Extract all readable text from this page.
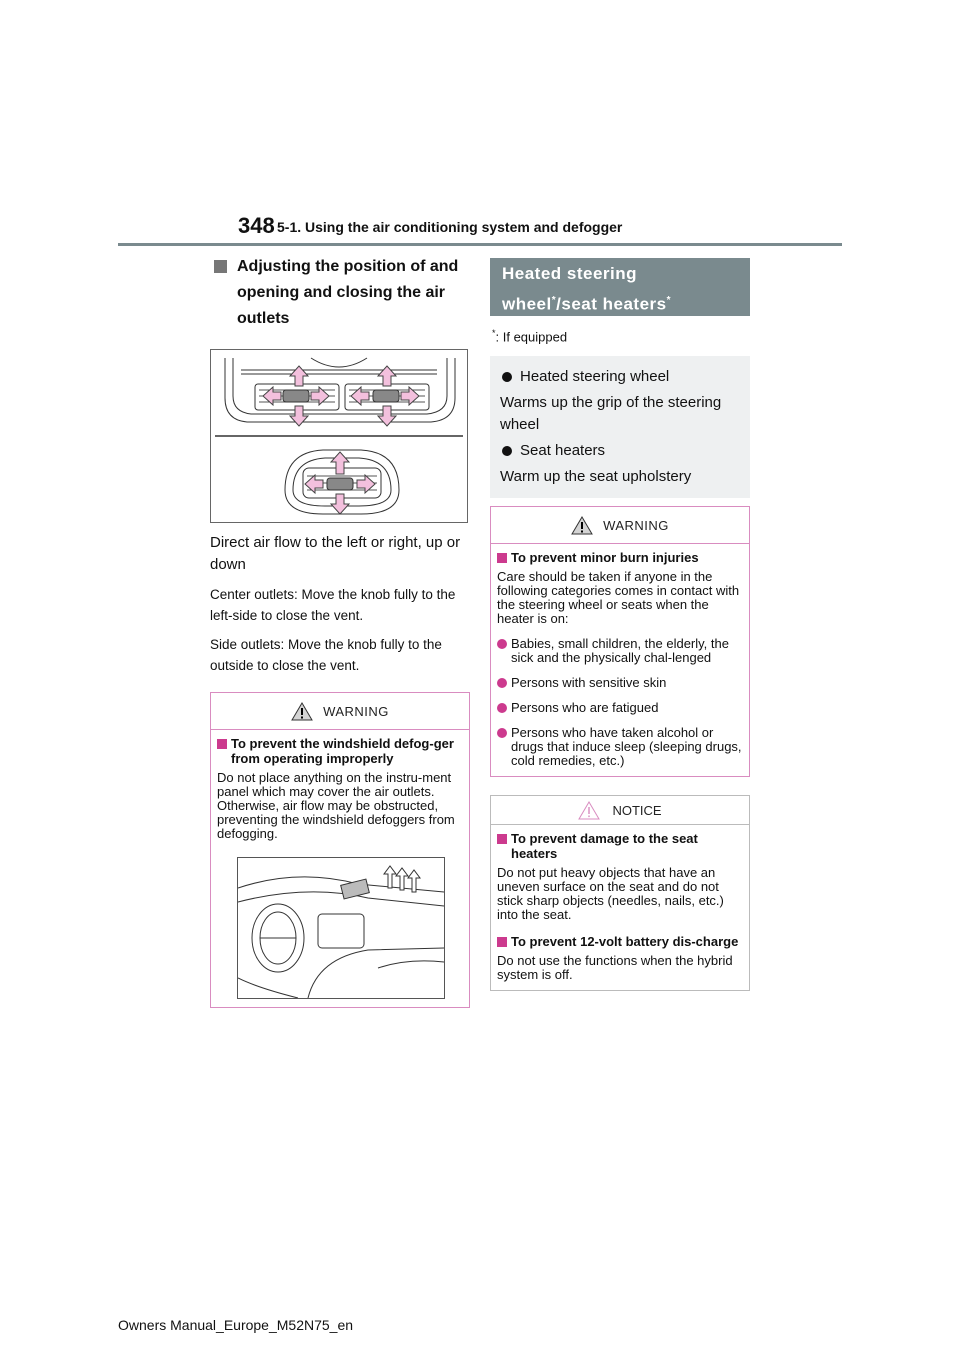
348 5-1. Using the air conditioning system and defogger
Adjusting the position of and opening and closing the air outlets

Direct air flow to the left or right, up or down

Center outlets: Move the knob fully to the left-side to close the vent.

Side outlets: Move the knob fully to the outside to close the vent.

WARNING
To prevent the windshield defog-ger from operating improperly
Do not place anything on the instru-ment panel which may cover the air outlets. Otherwise, air flow may be obstructed, preventing the windshield defoggers from defogging.
Heated steering
wheel*/seat heaters*
*: If equipped
Heated steering wheel
Warms up the grip of the steering wheel
Seat heaters
Warm up the seat upholstery
WARNING
To prevent minor burn injuries
Care should be taken if anyone in the following categories comes in contact with the steering wheel or seats when the heater is on:
Babies, small children, the elderly, the sick and the physically chal-lenged
Persons with sensitive skin
Persons who are fatigued
Persons who have taken alcohol or drugs that induce sleep (sleeping drugs, cold remedies, etc.)
NOTICE
To prevent damage to the seat heaters
Do not put heavy objects that have an uneven surface on the seat and do not stick sharp objects (needles, nails, etc.) into the seat.
To prevent 12-volt battery dis-charge
Do not use the functions when the hybrid system is off.
Owners Manual_Europe_M52N75_en
